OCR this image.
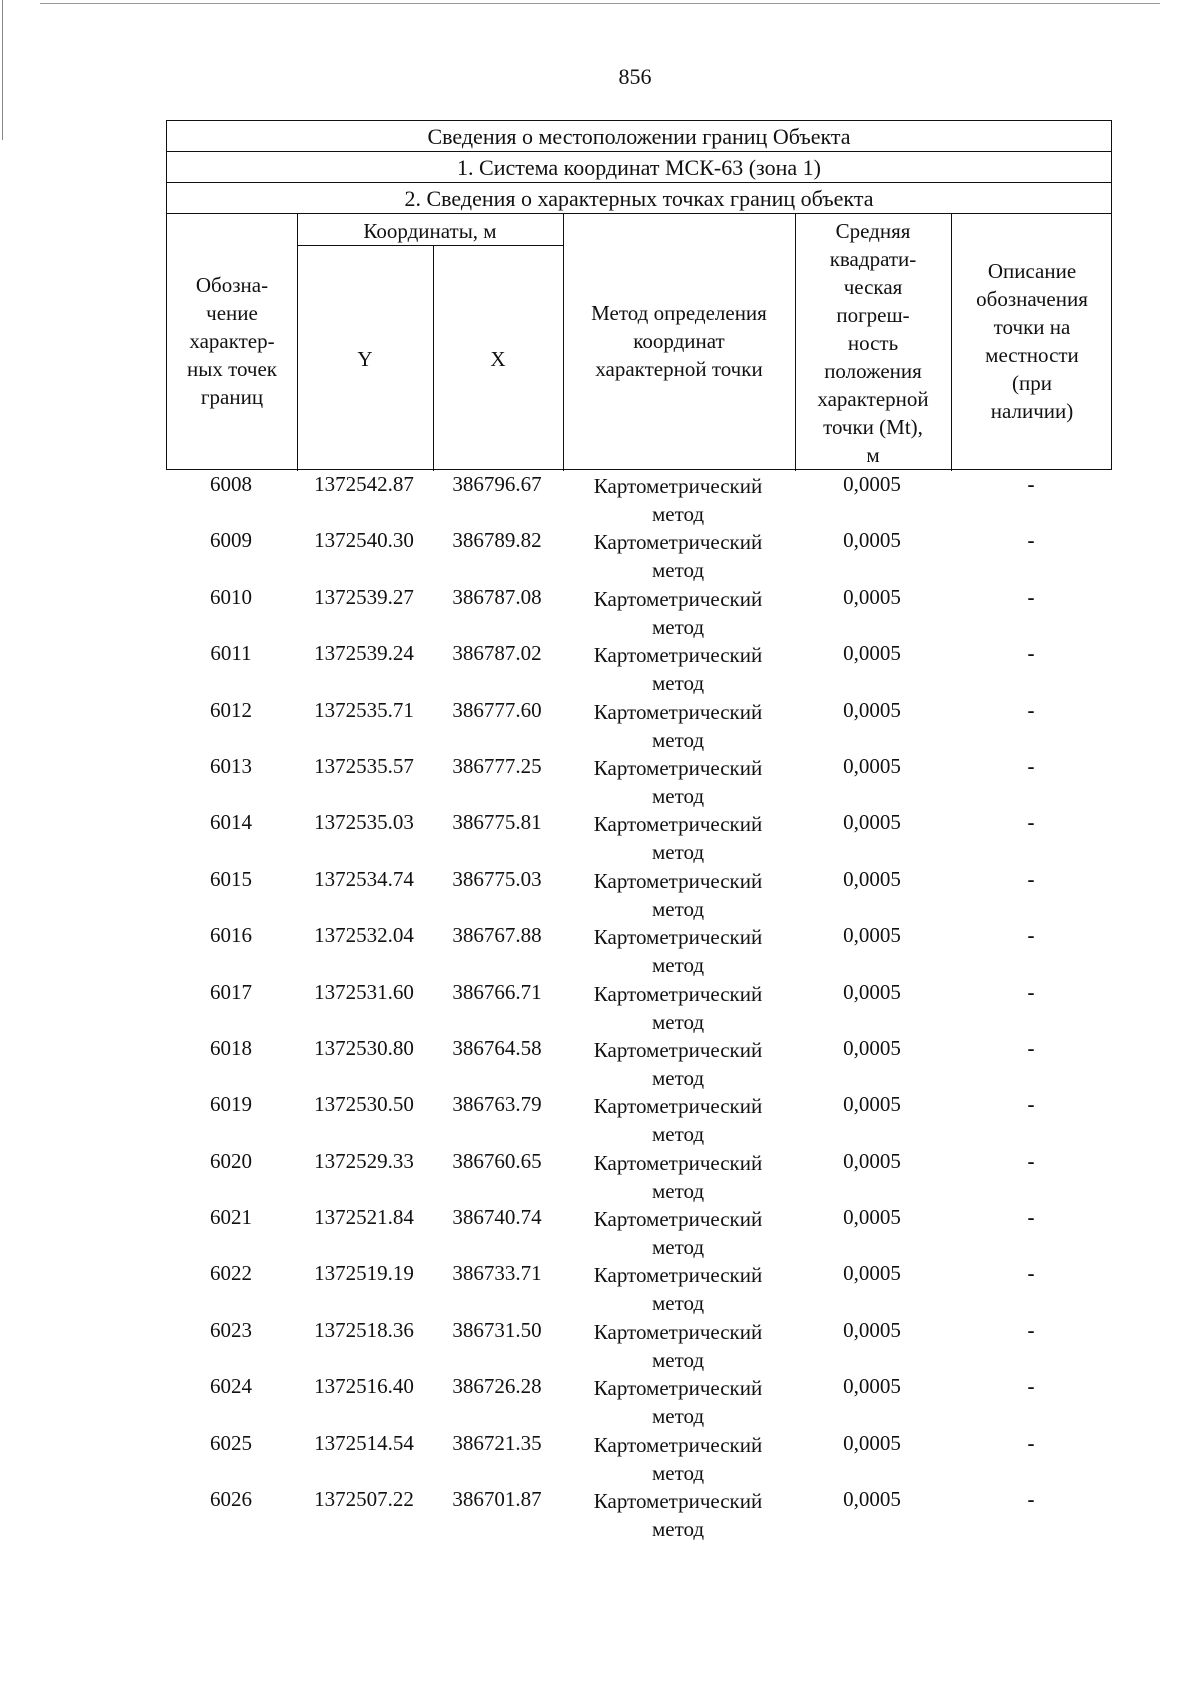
856
Сведения о местоположении границ Объекта
1. Система координат МСК-63 (зона 1)
2. Сведения о характерных точках границ объекта
Обозна-
чение
характер-
ных точек
границ
Координаты, м
Y	X
Метод определения
координат
характерной точки
Средняя
квадрати-
ческая
погреш-
ность
положения
характерной
точки (Mt),
м
Описание
обозначения
точки на
местности
(при
наличии)
6008	1372542.87	386796.67	Картометрический
метод
0,0005	-
6009	1372540.30	386789.82	Картометрический
метод
0,0005	-
6010	1372539.27	386787.08	Картометрический
метод
0,0005	-
6011	1372539.24	386787.02	Картометрический
метод
0,0005	-
6012	1372535.71	386777.60	Картометрический
метод
0,0005	-
6013	1372535.57	386777.25	Картометрический
метод
0,0005	-
6014	1372535.03	386775.81	Картометрический
метод
0,0005	-
6015	1372534.74	386775.03	Картометрический
метод
0,0005	-
6016	1372532.04	386767.88	Картометрический
метод
0,0005	-
6017	1372531.60	386766.71	Картометрический
метод
0,0005	-
6018	1372530.80	386764.58	Картометрический
метод
0,0005	-
6019	1372530.50	386763.79	Картометрический
метод
0,0005	-
6020	1372529.33	386760.65	Картометрический
метод
0,0005	-
6021	1372521.84	386740.74	Картометрический
метод
0,0005	-
6022	1372519.19	386733.71	Картометрический
метод
0,0005	-
6023	1372518.36	386731.50	Картометрический
метод
0,0005	-
6024	1372516.40	386726.28	Картометрический
метод
0,0005	-
6025	1372514.54	386721.35	Картометрический
метод
0,0005	-
6026	1372507.22	386701.87	Картометрический
метод
0,0005	-
